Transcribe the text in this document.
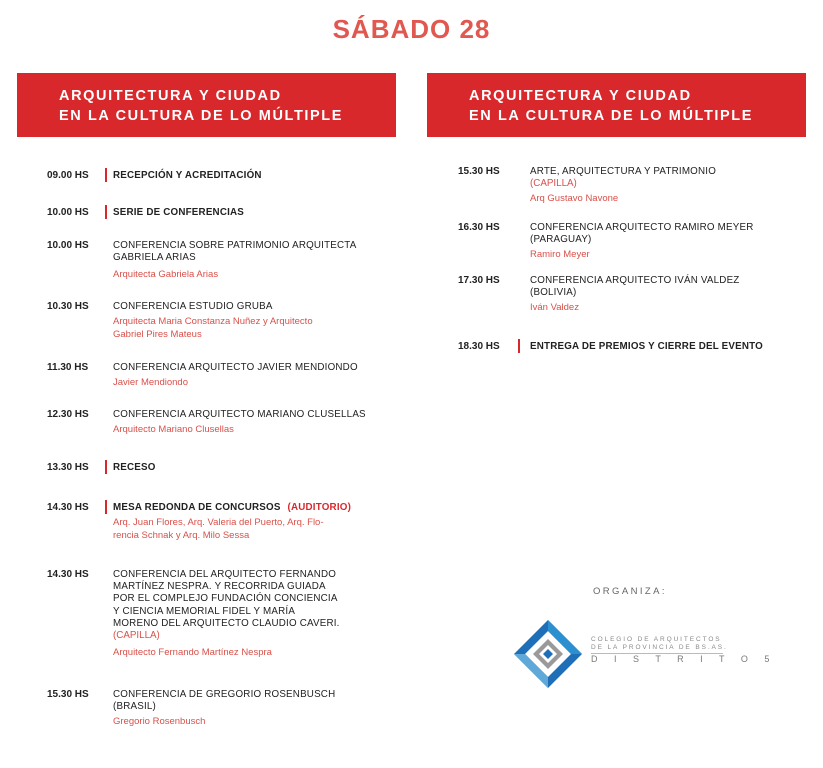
SÁBADO 28
ARQUITECTURA Y CIUDAD
EN LA CULTURA DE LO MÚLTIPLE
ARQUITECTURA Y CIUDAD
EN LA CULTURA DE LO MÚLTIPLE
09.00 HS RECEPCIÓN Y ACREDITACIÓN
10.00 HS SERIE DE CONFERENCIAS
10.00 HS CONFERENCIA SOBRE PATRIMONIO ARQUITECTA
GABRIELA ARIAS
Arquitecta Gabriela Arias
10.30 HS CONFERENCIA ESTUDIO GRUBA
Arquitecta Maria Constanza Nuñez y Arquitecto
Gabriel Pires Mateus
11.30 HS	CONFERENCIA ARQUITECTO JAVIER MENDIONDO
Javier Mendiondo
12.30 HS CONFERENCIA ARQUITECTO MARIANO CLUSELLAS
Arquitecto Mariano Clusellas
13.30 HS RECESO
14.30 HS MESA REDONDA DE CONCURSOS (AUDITORIO)
Arq. Juan Flores, Arq. Valeria del Puerto, Arq. Flo-
rencia Schnak y Arq. Milo Sessa
14.30 HS CONFERENCIA DEL ARQUITECTO FERNANDO
MARTÍNEZ NESPRA. Y RECORRIDA GUIADA
POR EL COMPLEJO FUNDACIÓN CONCIENCIA
Y CIENCIA MEMORIAL FIDEL Y MARÍA
MORENO DEL ARQUITECTO CLAUDIO CAVERI.
(CAPILLA)
Arquitecto Fernando Martínez Nespra
15.30 HS CONFERENCIA DE GREGORIO ROSENBUSCH
(BRASIL)
Gregorio Rosenbusch
15.30 HS	ARTE, ARQUITECTURA Y PATRIMONIO
(CAPILLA)
Arq Gustavo Navone
16.30 HS	CONFERENCIA ARQUITECTO RAMIRO MEYER
(PARAGUAY)
Ramiro Meyer
17.30 HS	CONFERENCIA ARQUITECTO IVÁN VALDEZ
(BOLIVIA)
Iván Valdez
18.30 HS	ENTREGA DE PREMIOS Y CIERRE DEL EVENTO
ORGANIZA:
COLEGIO DE ARQUITECTOS
DE LA PROVINCIA DE BS.AS.
D I S T R I T O 5
